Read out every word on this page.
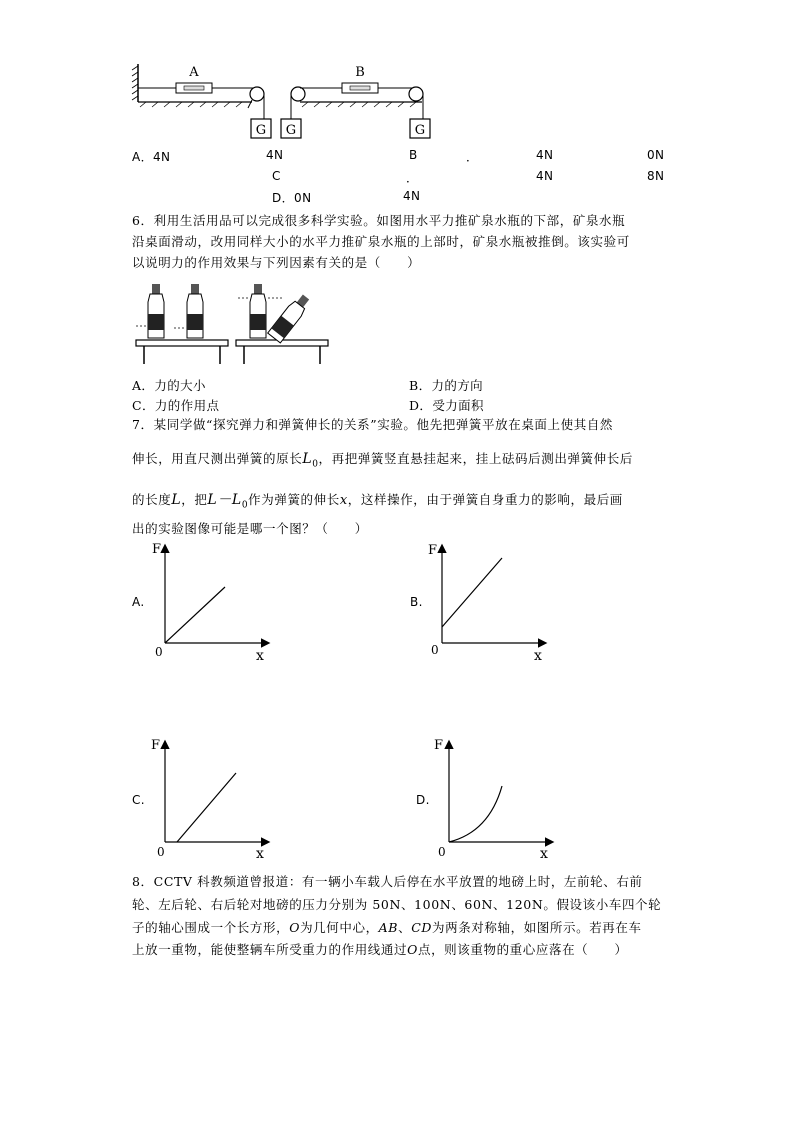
A
G G
B
G
A．4N	4N	B	．	4N	0N
C	．	4N	8N
D．0N	4N
6．利用生活用品可以完成很多科学实验。如图用水平力推矿泉水瓶的下部，矿泉水瓶
沿桌面滑动，改用同样大小的水平力推矿泉水瓶的上部时，矿泉水瓶被推倒。该实验可
以说明力的作用效果与下列因素有关的是（　　）
A．力的大小	B．力的方向
C．力的作用点	D．受力面积
7．某同学做“探究弹力和弹簧伸长的关系”实验。他先把弹簧平放在桌面上使其自然
伸长，用直尺测出弹簧的原长$L_0$，再把弹簧竖直悬挂起来，挂上砝码后测出弹簧伸长后
的长度L，把$L-L_0$作为弹簧的伸长x，这样操作，由于弹簧自身重力的影响，最后画
出的实验图像可能是哪一个图？（　　）
A.
F
0	x
B.
F
0	x
C.
F
0	x
D.
F
0	x
8．CCTV 科教频道曾报道：有一辆小车载人后停在水平放置的地磅上时，左前轮、右前
轮、左后轮、右后轮对地磅的压力分别为 50N、100N、60N、120N。假设该小车四个轮
子的轴心围成一个长方形，O为几何中心，AB、CD为两条对称轴，如图所示。若再在车
上放一重物，能使整辆车所受重力的作用线通过O点，则该重物的重心应落在（　　）
